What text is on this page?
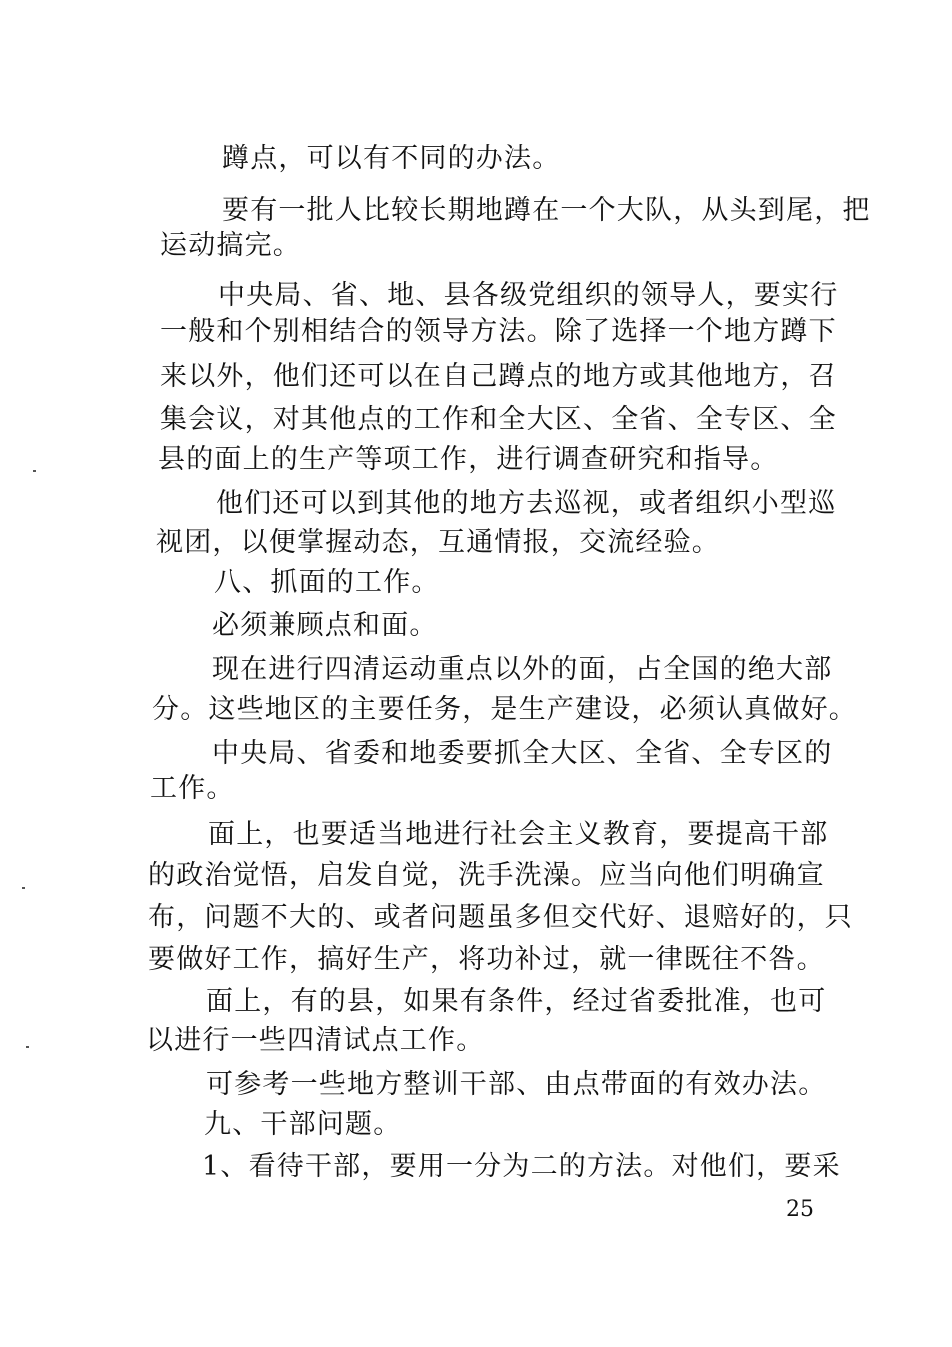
蹲点，可以有不同的办法。
要有一批人比较长期地蹲在一个大队，从头到尾，把
运动搞完。
中央局、省、地、县各级党组织的领导人，要实行
一般和个别相结合的领导方法。除了选择一个地方蹲下
来以外，他们还可以在自己蹲点的地方或其他地方，召
集会议，对其他点的工作和全大区、全省、全专区、全
县的面上的生产等项工作，进行调查研究和指导。
他们还可以到其他的地方去巡视，或者组织小型巡
视团，以便掌握动态，互通情报，交流经验。
八、抓面的工作。
必须兼顾点和面。
现在进行四清运动重点以外的面，占全国的绝大部
分。这些地区的主要任务，是生产建设，必须认真做好。
中央局、省委和地委要抓全大区、全省、全专区的
工作。
面上，也要适当地进行社会主义教育，要提高干部
的政治觉悟，启发自觉，洗手洗澡。应当向他们明确宣
布，问题不大的、或者问题虽多但交代好、退赔好的，只
要做好工作，搞好生产，将功补过，就一律既往不咎。
面上，有的县，如果有条件，经过省委批准，也可
以进行一些四清试点工作。
可参考一些地方整训干部、由点带面的有效办法。
九、干部问题。
1、看待干部，要用一分为二的方法。对他们，要采
25
